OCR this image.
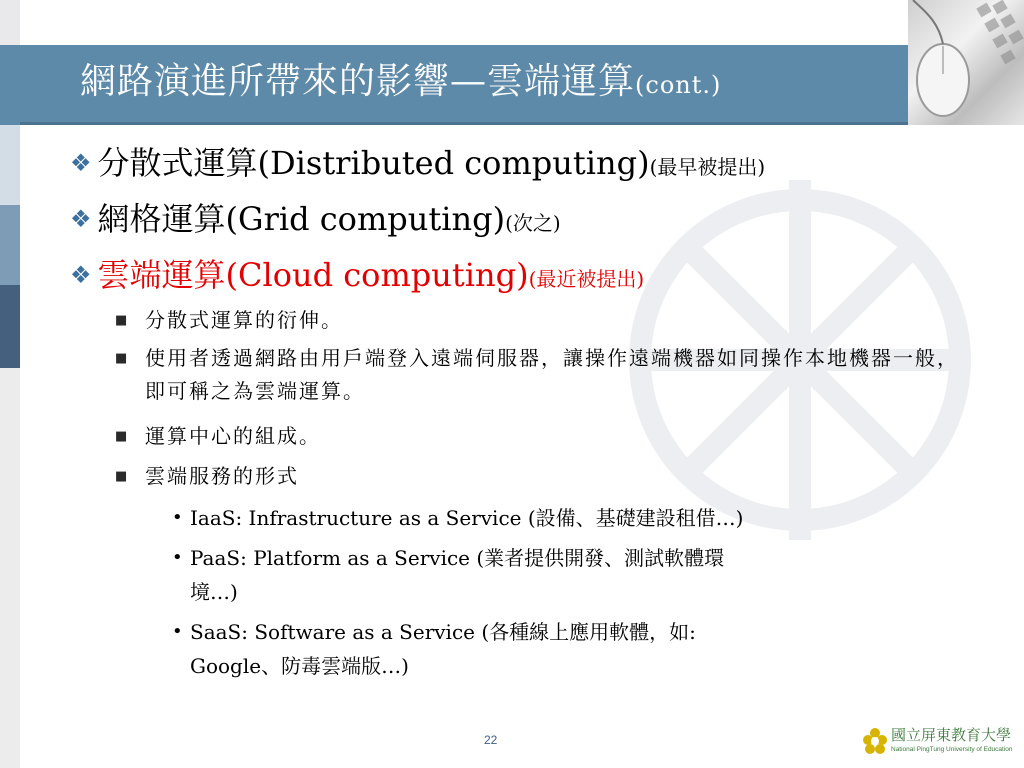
網路演進所帶來的影響—雲端運算(cont.)
❖ 分散式運算(Distributed computing)(最早被提出)
❖ 網格運算(Grid computing)(次之)
❖ 雲端運算(Cloud computing)(最近被提出)
■ 分散式運算的衍伸。
■ 使用者透過網路由用戶端登入遠端伺服器，讓操作遠端機器如同操作本地機器一般，即可稱之為雲端運算。
■ 運算中心的組成。
■ 雲端服務的形式
• IaaS: Infrastructure as a Service (設備、基礎建設租借…)
• PaaS: Platform as a Service (業者提供開發、測試軟體環
境…)
• SaaS: Software as a Service (各種線上應用軟體，如:
Google、防毒雲端版…)
22	國立屏東教育大學
National PingTung University of Education
